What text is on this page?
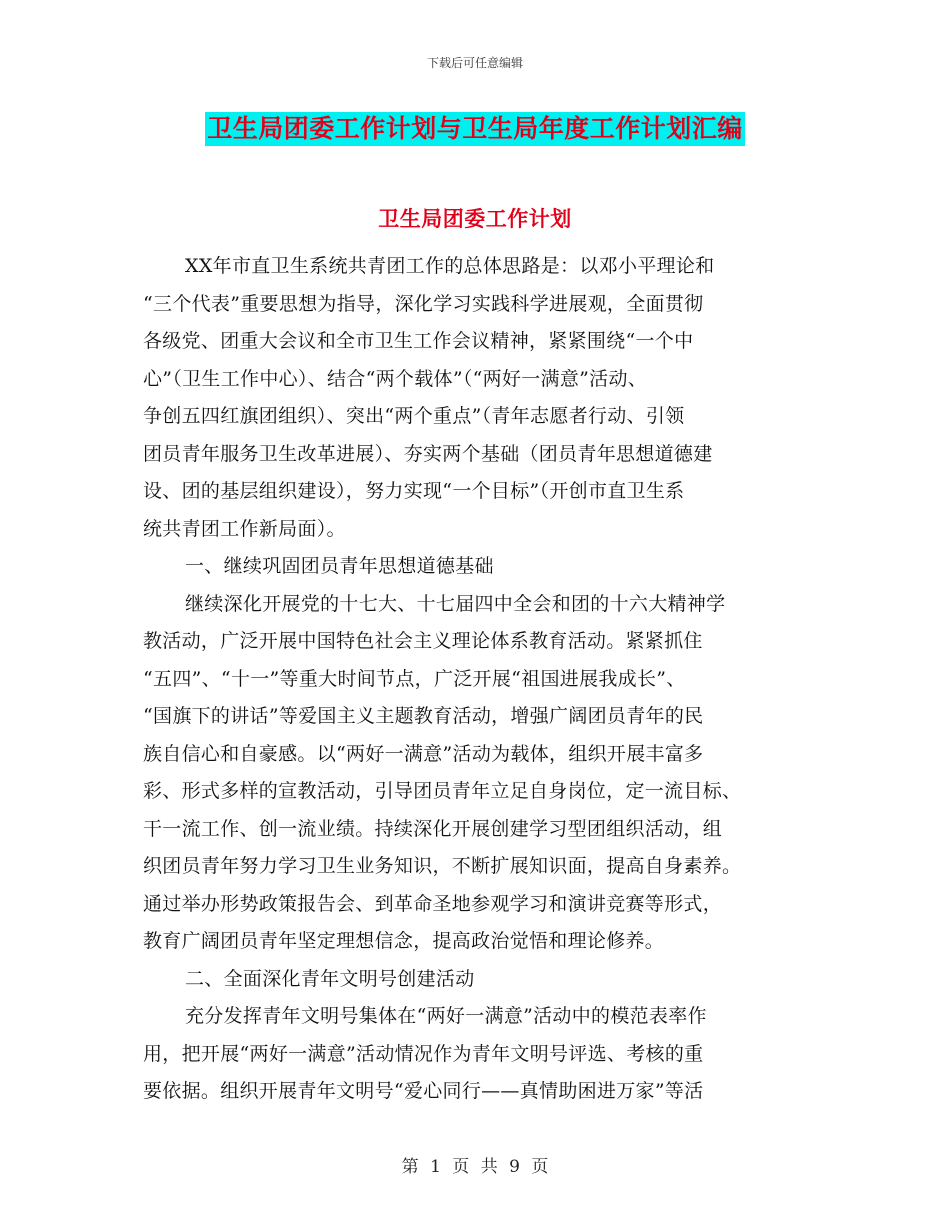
下载后可任意编辑
卫生局团委工作计划与卫生局年度工作计划汇编
卫生局团委工作计划
XX年市直卫生系统共青团工作的总体思路是：以邓小平理论和
“三个代表”重要思想为指导，深化学习实践科学进展观，全面贯彻
各级党、团重大会议和全市卫生工作会议精神，紧紧围绕“一个中
心”（卫生工作中心）、结合“两个载体”（“两好一满意”活动、
争创五四红旗团组织）、突出“两个重点”（青年志愿者行动、引领
团员青年服务卫生改革进展）、夯实两个基础（团员青年思想道德建
设、团的基层组织建设），努力实现“一个目标”（开创市直卫生系
统共青团工作新局面）。
一、继续巩固团员青年思想道德基础
继续深化开展党的十七大、十七届四中全会和团的十六大精神学
教活动，广泛开展中国特色社会主义理论体系教育活动。紧紧抓住
“五四”、“十一”等重大时间节点，广泛开展“祖国进展我成长”、
“国旗下的讲话”等爱国主义主题教育活动，增强广阔团员青年的民
族自信心和自豪感。以“两好一满意”活动为载体，组织开展丰富多
彩、形式多样的宣教活动，引导团员青年立足自身岗位，定一流目标、
干一流工作、创一流业绩。持续深化开展创建学习型团组织活动，组
织团员青年努力学习卫生业务知识，不断扩展知识面，提高自身素养。
通过举办形势政策报告会、到革命圣地参观学习和演讲竞赛等形式，
教育广阔团员青年坚定理想信念，提高政治觉悟和理论修养。
二、全面深化青年文明号创建活动
充分发挥青年文明号集体在“两好一满意”活动中的模范表率作
用，把开展“两好一满意”活动情况作为青年文明号评选、考核的重
要依据。组织开展青年文明号“爱心同行——真情助困进万家”等活
第 1 页 共 9 页
